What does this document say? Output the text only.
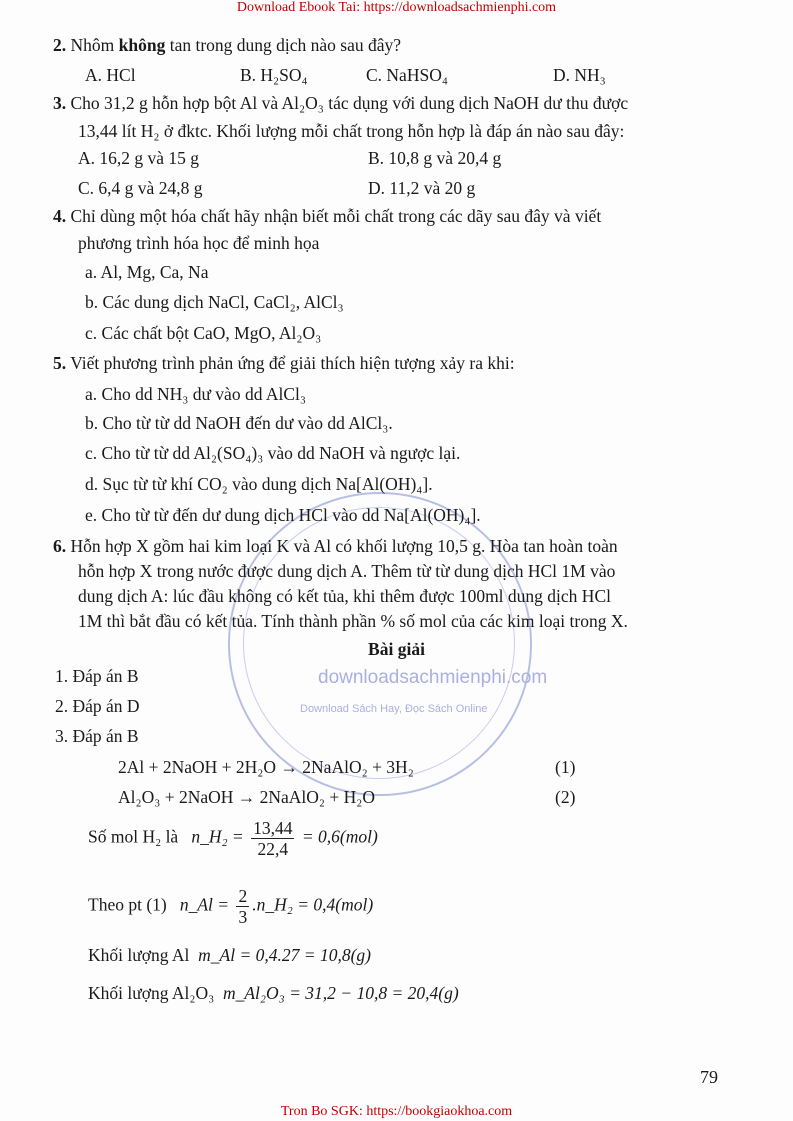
Download Ebook Tai: https://downloadsachmienphi.com
downloadsachmienphi.com
Download Sách Hay, Đọc Sách Online
2. Nhôm không tan trong dung dịch nào sau đây?
A. HCl	B. H₂SO₄	C. NaHSO₄	D. NH₃
3. Cho 31,2 g hỗn hợp bột Al và Al₂O₃ tác dụng với dung dịch NaOH dư thu được
13,44 lít H₂ ở đktc. Khối lượng mỗi chất trong hỗn hợp là đáp án nào sau đây:
A. 16,2 g và 15 g	B. 10,8 g và 20,4 g
C. 6,4 g và 24,8 g	D. 11,2 và 20 g
4. Chỉ dùng một hóa chất hãy nhận biết mỗi chất trong các dãy sau đây và viết
phương trình hóa học để minh họa
a. Al, Mg, Ca, Na
b. Các dung dịch NaCl, CaCl₂, AlCl₃
c. Các chất bột CaO, MgO, Al₂O₃
5. Viết phương trình phản ứng để giải thích hiện tượng xảy ra khi:
a. Cho dd NH₃ dư vào dd AlCl₃
b. Cho từ từ dd NaOH đến dư vào dd AlCl₃.
c. Cho từ từ dd Al₂(SO₄)₃ vào dd NaOH và ngược lại.
d. Sục từ từ khí CO₂ vào dung dịch Na[Al(OH)₄].
e. Cho từ từ đến dư dung dịch HCl vào dd Na[Al(OH)₄].
6. Hỗn hợp X gồm hai kim loại K và Al có khối lượng 10,5 g. Hòa tan hoàn toàn
hỗn hợp X trong nước được dung dịch A. Thêm từ từ dung dịch HCl 1M vào
dung dịch A: lúc đầu không có kết tủa, khi thêm được 100ml dung dịch HCl
1M thì bắt đầu có kết tủa. Tính thành phần % số mol của các kim loại trong X.
Bài giải
1. Đáp án B
2. Đáp án D
3. Đáp án B
2Al + 2NaOH + 2H₂O → 2NaAlO₂ + 3H₂	(1)
Al₂O₃ + 2NaOH → 2NaAlO₂ + H₂O	(2)
Số mol H₂ là n_H₂ = $\frac{13,44}{22,4} = 0,6(mol)$
Theo pt (1) n_Al = $\frac{2}{3}$ .n_H₂ = 0,4(mol)
Khối lượng Al m_Al = 0,4.27 = 10,8(g)
Khối lượng Al₂O₃ m_Al₂O₃ = 31,2 − 10,8 = 20,4(g)
79
Tron Bo SGK: https://bookgiaokhoa.com
